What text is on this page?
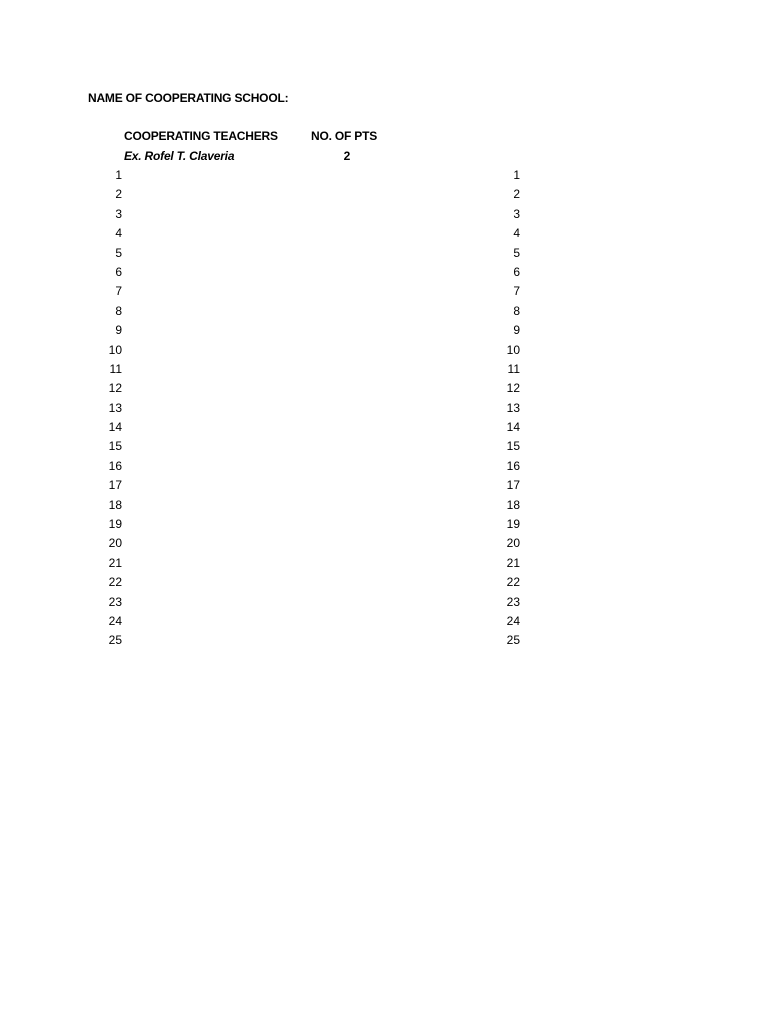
NAME OF COOPERATING SCHOOL:
COOPERATING TEACHERS	NO. OF PTS
Ex. Rofel T. Claveria	2
1	1
2	2
3	3
4	4
5	5
6	6
7	7
8	8
9	9
10	10
11	11
12	12
13	13
14	14
15	15
16	16
17	17
18	18
19	19
20	20
21	21
22	22
23	23
24	24
25	25
